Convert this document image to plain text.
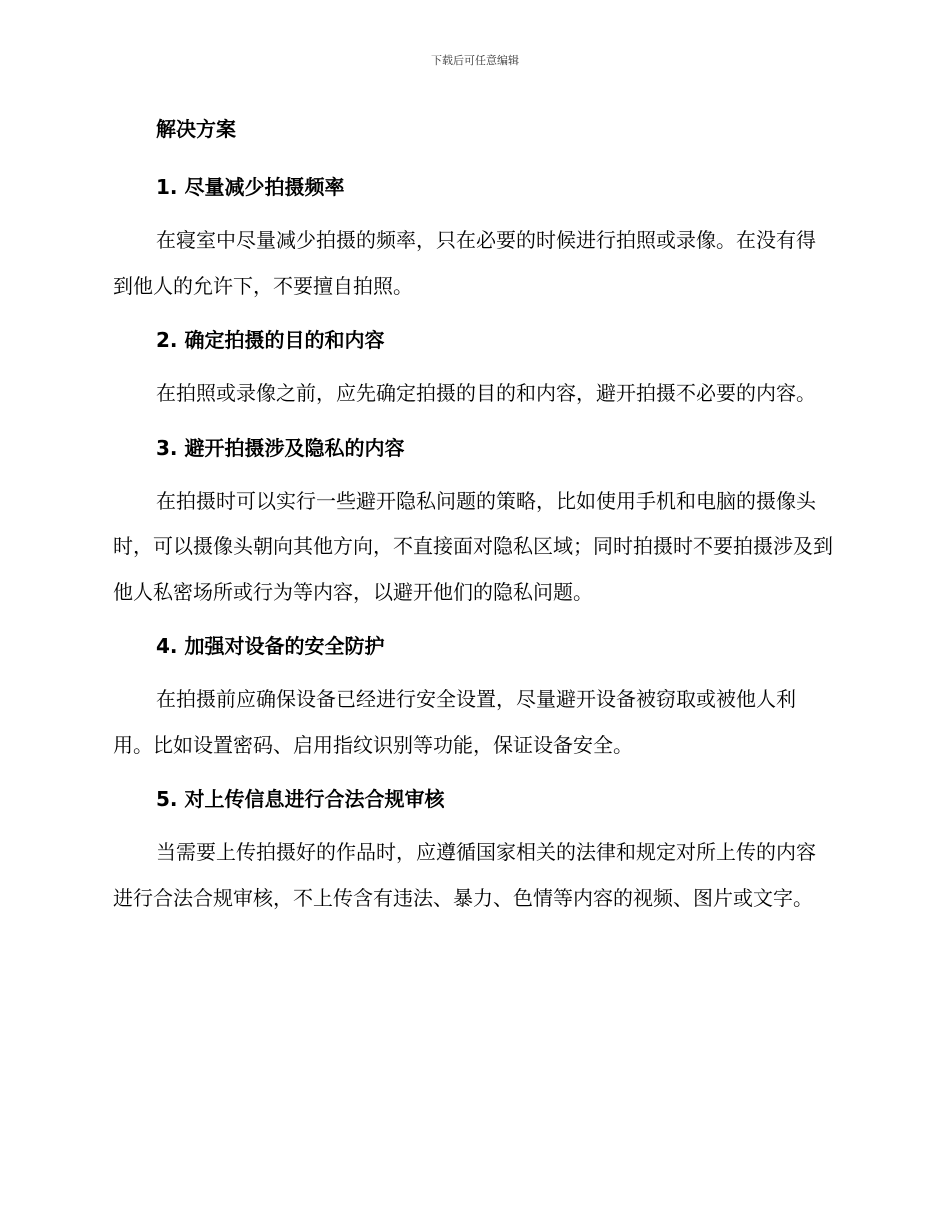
下载后可任意编辑

解决方案

1. 尽量减少拍摄频率

在寝室中尽量减少拍摄的频率，只在必要的时候进行拍照或录像。在没有得到他人的允许下，不要擅自拍照。

2. 确定拍摄的目的和内容

在拍照或录像之前，应先确定拍摄的目的和内容，避开拍摄不必要的内容。

3. 避开拍摄涉及隐私的内容

在拍摄时可以实行一些避开隐私问题的策略，比如使用手机和电脑的摄像头时，可以摄像头朝向其他方向，不直接面对隐私区域；同时拍摄时不要拍摄涉及到他人私密场所或行为等内容，以避开他们的隐私问题。

4. 加强对设备的安全防护

在拍摄前应确保设备已经进行安全设置，尽量避开设备被窃取或被他人利用。比如设置密码、启用指纹识别等功能，保证设备安全。

5. 对上传信息进行合法合规审核

当需要上传拍摄好的作品时，应遵循国家相关的法律和规定对所上传的内容进行合法合规审核，不上传含有违法、暴力、色情等内容的视频、图片或文字。
